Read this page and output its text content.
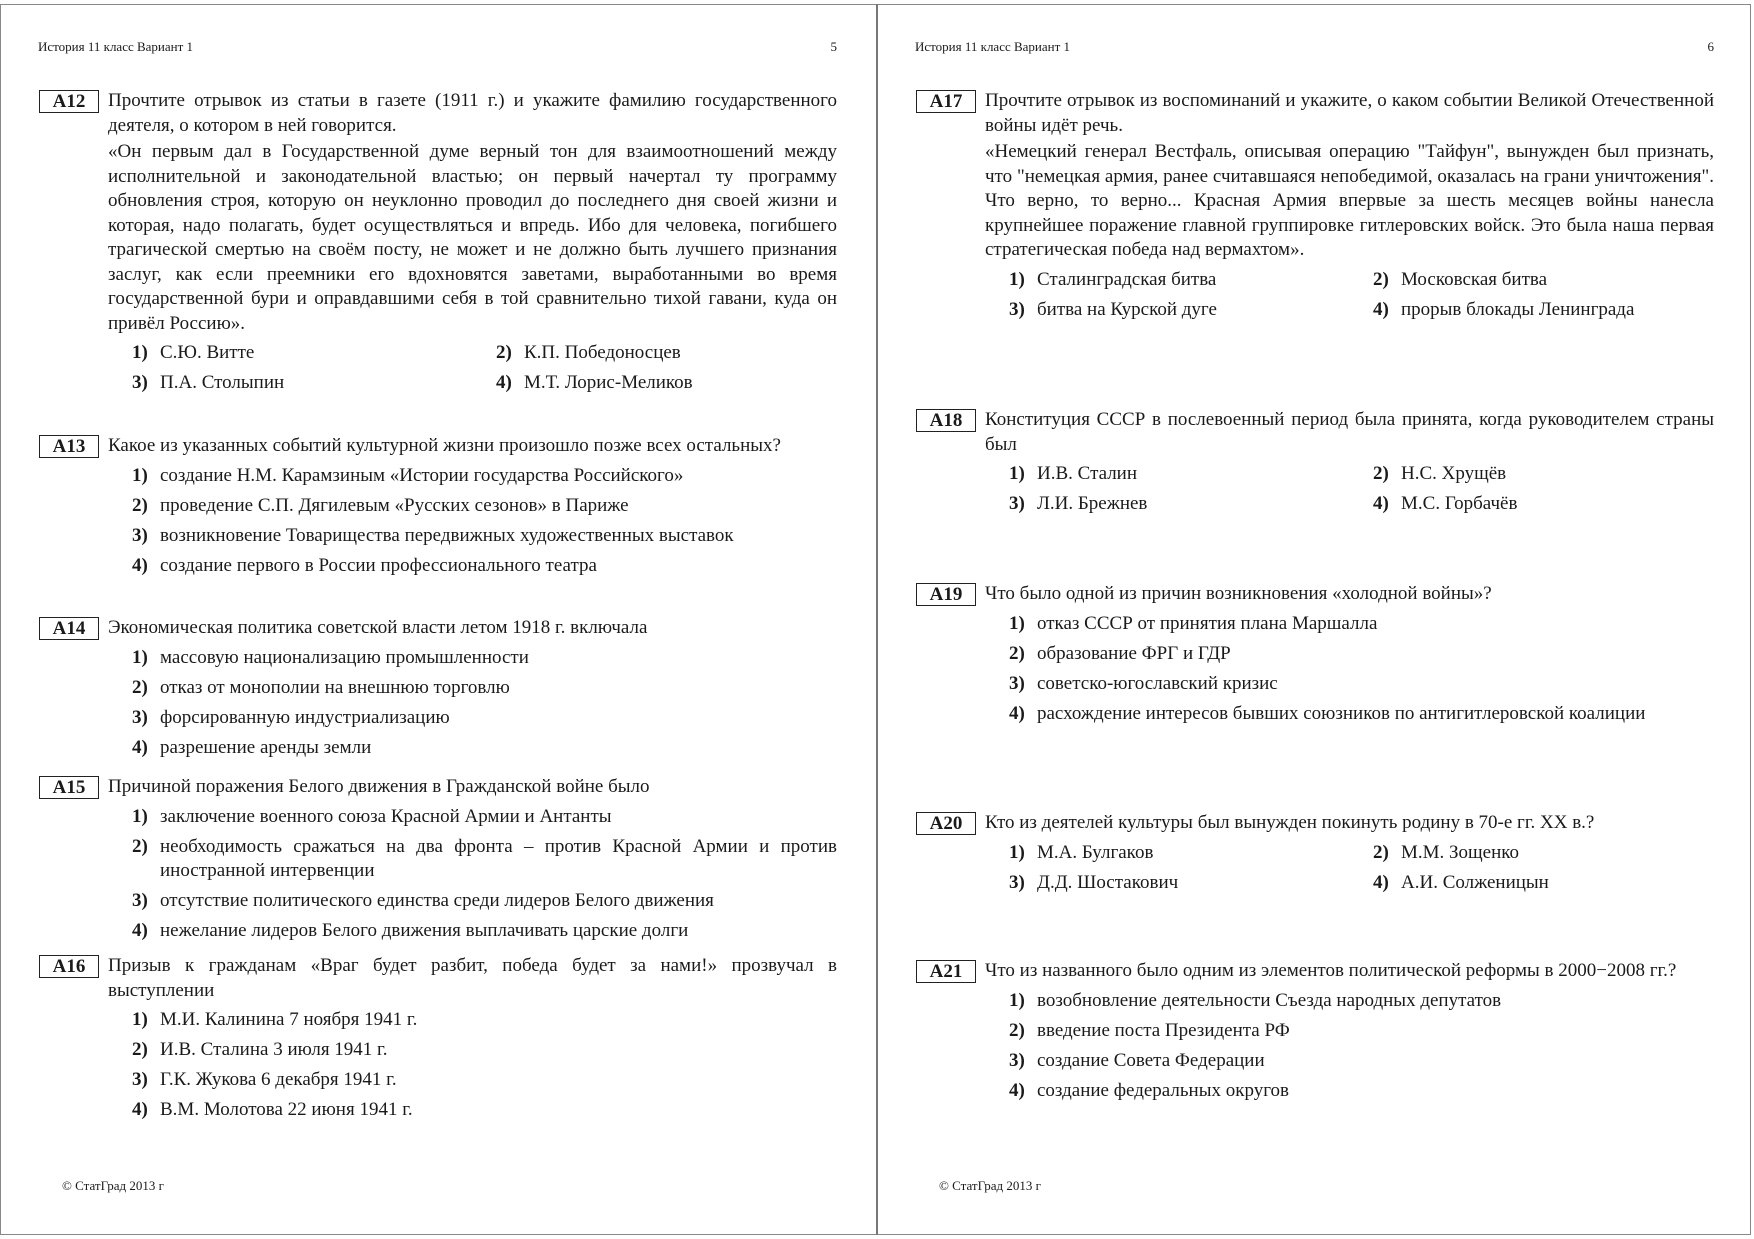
История 11 класс Вариант 1	5
© СтатГрад 2013 г
A12	Прочтите отрывок из статьи в газете (1911 г.) и укажите фамилию государственного деятеля, о котором в ней говорится.
«Он первым дал в Государственной думе верный тон для взаимоотношений между исполнительной и законодательной властью; он первый начертал ту программу обновления строя, которую он неуклонно проводил до последнего дня своей жизни и которая, надо полагать, будет осуществляться и впредь. Ибо для человека, погибшего трагической смертью на своём посту, не может и не должно быть лучшего признания заслуг, как если преемники его вдохновятся заветами, выработанными во время государственной бури и оправдавшими себя в той сравнительно тихой гавани, куда он привёл Россию».
1) С.Ю. Витте	2) К.П. Победоносцев
3) П.А. Столыпин	4) М.Т. Лорис-Меликов
A13	Какое из указанных событий культурной жизни произошло позже всех остальных?
1) создание Н.М. Карамзиным «Истории государства Российского»
2) проведение С.П. Дягилевым «Русских сезонов» в Париже
3) возникновение Товарищества передвижных художественных выставок
4) создание первого в России профессионального театра
A14	Экономическая политика советской власти летом 1918 г. включала
1) массовую национализацию промышленности
2) отказ от монополии на внешнюю торговлю
3) форсированную индустриализацию
4) разрешение аренды земли
A15	Причиной поражения Белого движения в Гражданской войне было
1) заключение военного союза Красной Армии и Антанты
2) необходимость сражаться на два фронта – против Красной Армии и против иностранной интервенции
3) отсутствие политического единства среди лидеров Белого движения
4) нежелание лидеров Белого движения выплачивать царские долги
A16	Призыв к гражданам «Враг будет разбит, победа будет за нами!» прозвучал в выступлении
1) М.И. Калинина 7 ноября 1941 г.
2) И.В. Сталина 3 июля 1941 г.
3) Г.К. Жукова 6 декабря 1941 г.
4) В.М. Молотова 22 июня 1941 г.
История 11 класс Вариант 1	6
© СтатГрад 2013 г
A17	Прочтите отрывок из воспоминаний и укажите, о каком событии Великой Отечественной войны идёт речь.
«Немецкий генерал Вестфаль, описывая операцию "Тайфун", вынужден был признать, что "немецкая армия, ранее считавшаяся непобедимой, оказалась на грани уничтожения". Что верно, то верно... Красная Армия впервые за шесть месяцев войны нанесла крупнейшее поражение главной группировке гитлеровских войск. Это была наша первая стратегическая победа над вермахтом».
1) Сталинградская битва	2) Московская битва
3) битва на Курской дуге	4) прорыв блокады Ленинграда
A18	Конституция СССР в послевоенный период была принята, когда руководителем страны был
1) И.В. Сталин	2) Н.С. Хрущёв
3) Л.И. Брежнев	4) М.С. Горбачёв
A19	Что было одной из причин возникновения «холодной войны»?
1) отказ СССР от принятия плана Маршалла
2) образование ФРГ и ГДР
3) советско-югославский кризис
4) расхождение интересов бывших союзников по антигитлеровской коалиции
A20	Кто из деятелей культуры был вынужден покинуть родину в 70-е гг. XX в.?
1) М.А. Булгаков	2) М.М. Зощенко
3) Д.Д. Шостакович	4) А.И. Солженицын
A21	Что из названного было одним из элементов политической реформы в 2000−2008 гг.?
1) возобновление деятельности Съезда народных депутатов
2) введение поста Президента РФ
3) создание Совета Федерации
4) создание федеральных округов
